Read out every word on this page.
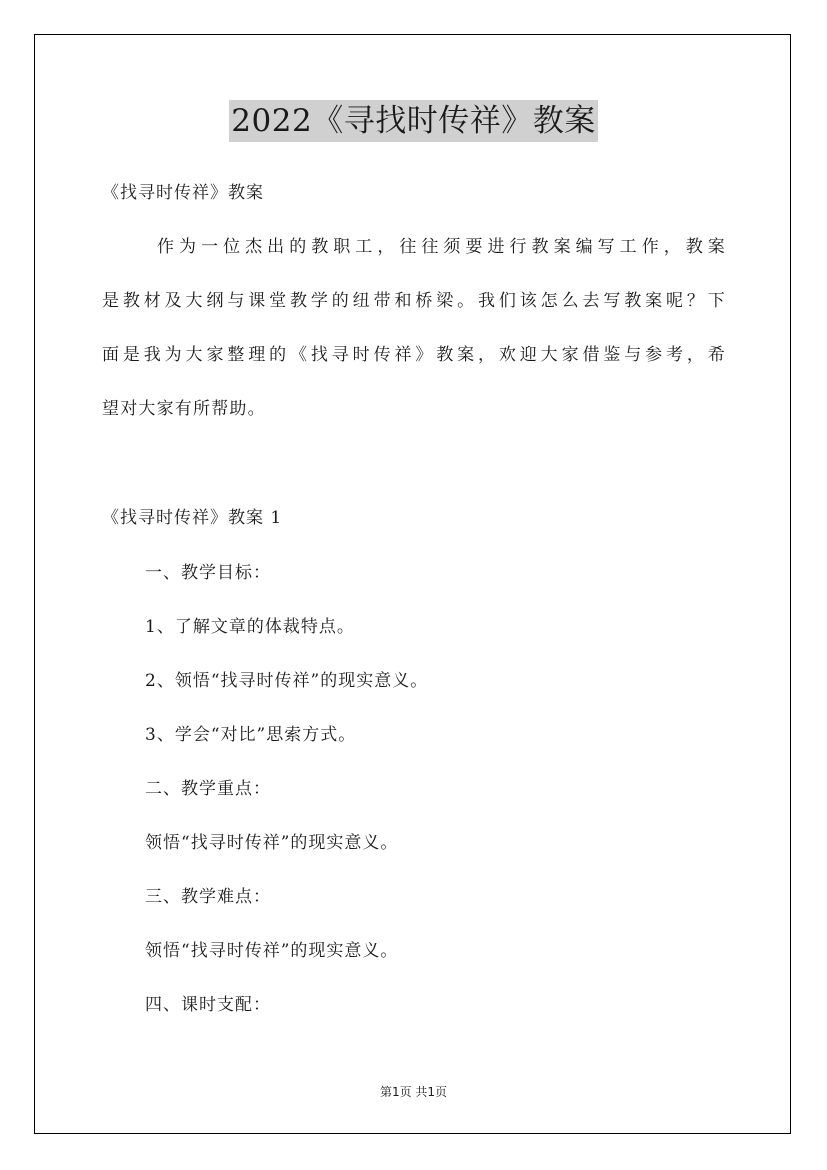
2022《寻找时传祥》教案
《找寻时传祥》教案
作为一位杰出的教职工，往往须要进行教案编写工作，教案
是教材及大纲与课堂教学的纽带和桥梁。我们该怎么去写教案呢？下
面是我为大家整理的《找寻时传祥》教案，欢迎大家借鉴与参考，希
望对大家有所帮助。
《找寻时传祥》教案 1
一、教学目标：
1、了解文章的体裁特点。
2、领悟“找寻时传祥”的现实意义。
3、学会“对比”思索方式。
二、教学重点：
领悟“找寻时传祥”的现实意义。
三、教学难点：
领悟“找寻时传祥”的现实意义。
四、课时支配：
第1页 共1页
